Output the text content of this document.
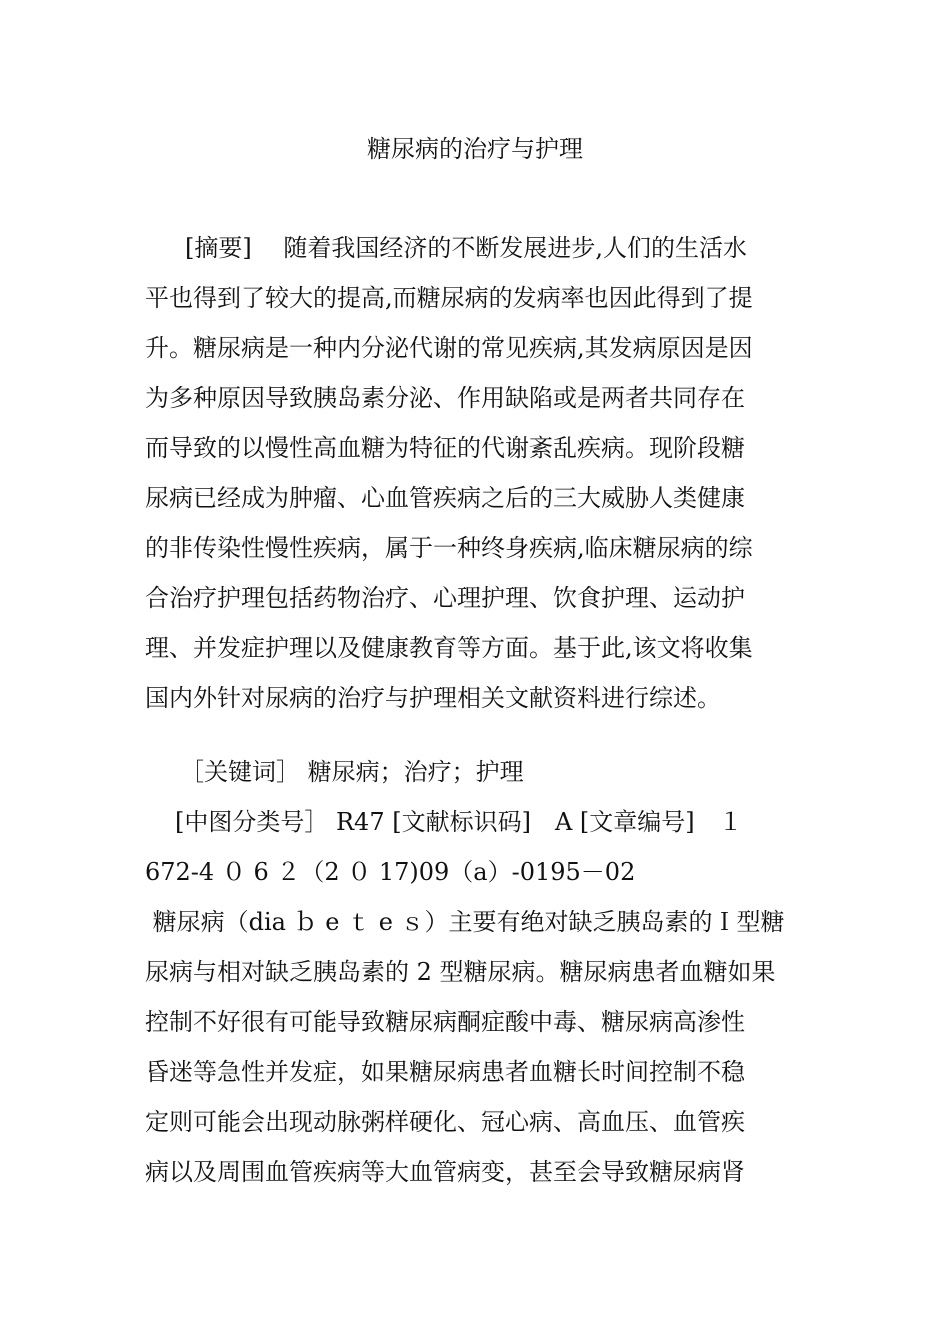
糖尿病的治疗与护理
[摘要]　 随着我国经济的不断发展进步,人们的生活水
平也得到了较大的提高,而糖尿病的发病率也因此得到了提
升。糖尿病是一种内分泌代谢的常见疾病,其发病原因是因
为多种原因导致胰岛素分泌、作用缺陷或是两者共同存在
而导致的以慢性高血糖为特征的代谢紊乱疾病。现阶段糖
尿病已经成为肿瘤、心血管疾病之后的三大威胁人类健康
的非传染性慢性疾病，属于一种终身疾病,临床糖尿病的综
合治疗护理包括药物治疗、心理护理、饮食护理、运动护
理、并发症护理以及健康教育等方面。基于此,该文将收集
国内外针对尿病的治疗与护理相关文献资料进行综述。
［关键词］ 糖尿病；治疗；护理
[中图分类号］ R47 [文献标识码]　A [文章编号]　１
672-4 ０ 6 ２（2 ０ 17)09（a）-0195－02
糖尿病（dia ｂ e ｔ e ｓ）主要有绝对缺乏胰岛素的Ｉ型糖
尿病与相对缺乏胰岛素的 2 型糖尿病。糖尿病患者血糖如果
控制不好很有可能导致糖尿病酮症酸中毒、糖尿病高渗性
昏迷等急性并发症，如果糖尿病患者血糖长时间控制不稳
定则可能会出现动脉粥样硬化、冠心病、高血压、血管疾
病以及周围血管疾病等大血管病变，甚至会导致糖尿病肾
